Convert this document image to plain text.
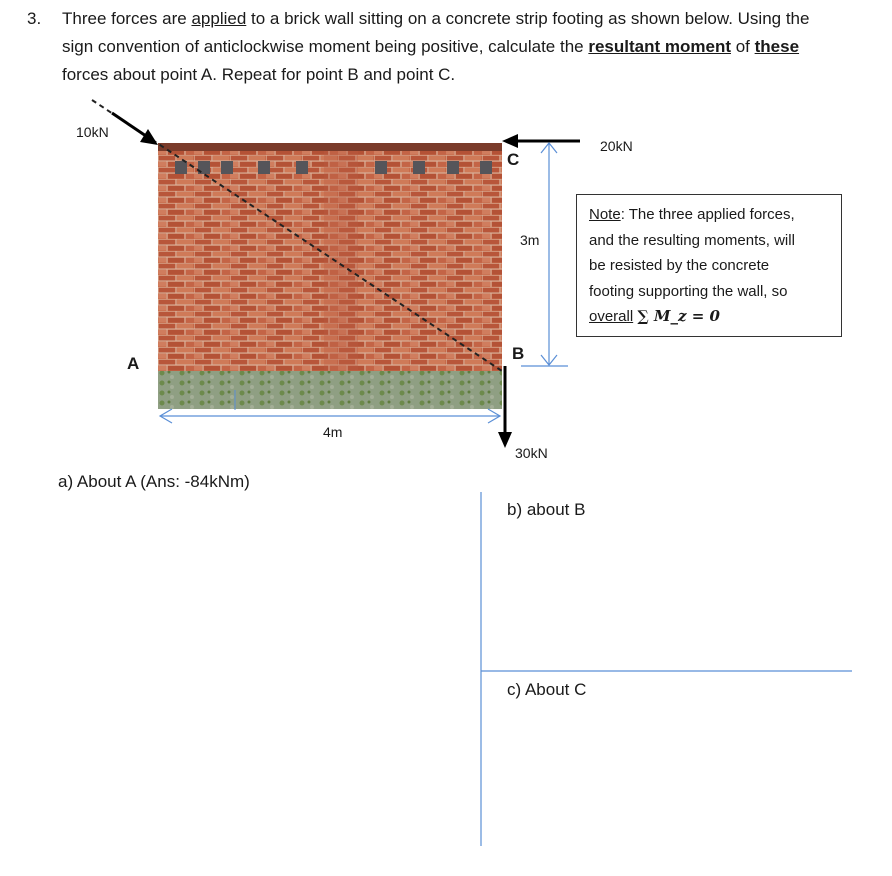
3. Three forces are applied to a brick wall sitting on a concrete strip footing as shown below. Using the
sign convention of anticlockwise moment being positive, calculate the resultant moment of these
forces about point A. Repeat for point B and point C.
10kN
20kN
30kN
A
B
C
4m
3m
Note: The three applied forces,
and the resulting moments, will
be resisted by the concrete
footing supporting the wall, so
overall ∑ M_z = 0
a) About A (Ans: -84kNm)
b) about B
c) About C
